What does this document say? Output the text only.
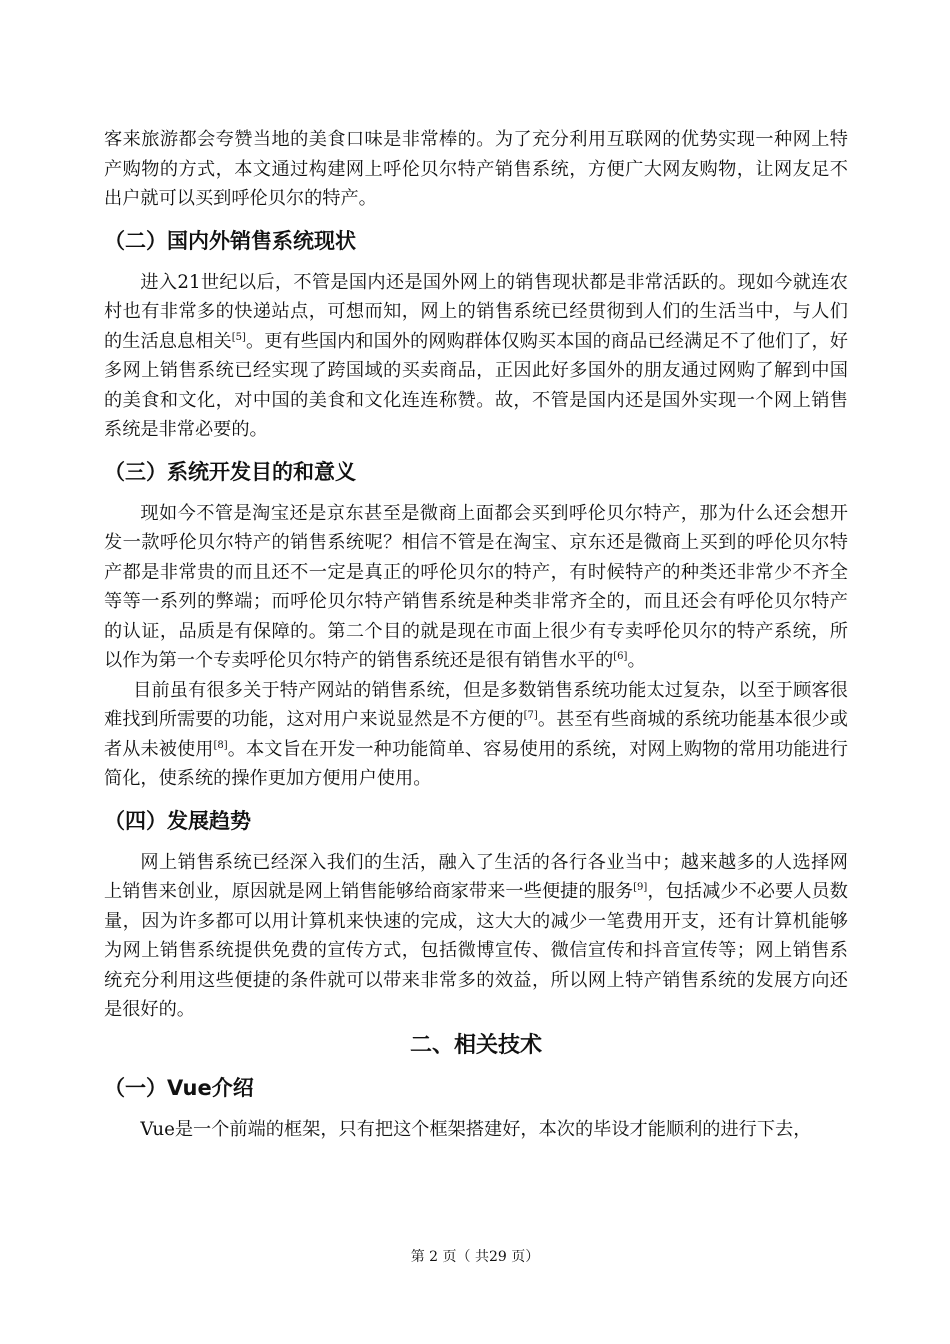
客来旅游都会夸赞当地的美食口味是非常棒的。为了充分利用互联网的优势实现一种网上特产购物的方式，本文通过构建网上呼伦贝尔特产销售系统，方便广大网友购物，让网友足不出户就可以买到呼伦贝尔的特产。

（二）国内外销售系统现状

进入21世纪以后，不管是国内还是国外网上的销售现状都是非常活跃的。现如今就连农村也有非常多的快递站点，可想而知，网上的销售系统已经贯彻到人们的生活当中，与人们的生活息息相关[5]。更有些国内和国外的网购群体仅购买本国的商品已经满足不了他们了，好多网上销售系统已经实现了跨国域的买卖商品，正因此好多国外的朋友通过网购了解到中国的美食和文化，对中国的美食和文化连连称赞。故，不管是国内还是国外实现一个网上销售系统是非常必要的。

（三）系统开发目的和意义

现如今不管是淘宝还是京东甚至是微商上面都会买到呼伦贝尔特产，那为什么还会想开发一款呼伦贝尔特产的销售系统呢？相信不管是在淘宝、京东还是微商上买到的呼伦贝尔特产都是非常贵的而且还不一定是真正的呼伦贝尔的特产，有时候特产的种类还非常少不齐全等等一系列的弊端；而呼伦贝尔特产销售系统是种类非常齐全的，而且还会有呼伦贝尔特产的认证，品质是有保障的。第二个目的就是现在市面上很少有专卖呼伦贝尔的特产系统，所以作为第一个专卖呼伦贝尔特产的销售系统还是很有销售水平的[6]。

目前虽有很多关于特产网站的销售系统，但是多数销售系统功能太过复杂，以至于顾客很难找到所需要的功能，这对用户来说显然是不方便的[7]。甚至有些商城的系统功能基本很少或者从未被使用[8]。本文旨在开发一种功能简单、容易使用的系统，对网上购物的常用功能进行简化，使系统的操作更加方便用户使用。

（四）发展趋势

网上销售系统已经深入我们的生活，融入了生活的各行各业当中；越来越多的人选择网上销售来创业，原因就是网上销售能够给商家带来一些便捷的服务[9]，包括减少不必要人员数量，因为许多都可以用计算机来快速的完成，这大大的减少一笔费用开支，还有计算机能够为网上销售系统提供免费的宣传方式，包括微博宣传、微信宣传和抖音宣传等；网上销售系统充分利用这些便捷的条件就可以带来非常多的效益，所以网上特产销售系统的发展方向还是很好的。

二、相关技术
（一）Vue介绍

Vue是一个前端的框架，只有把这个框架搭建好，本次的毕设才能顺利的进行下去，

第 2 页（ 共29 页）
